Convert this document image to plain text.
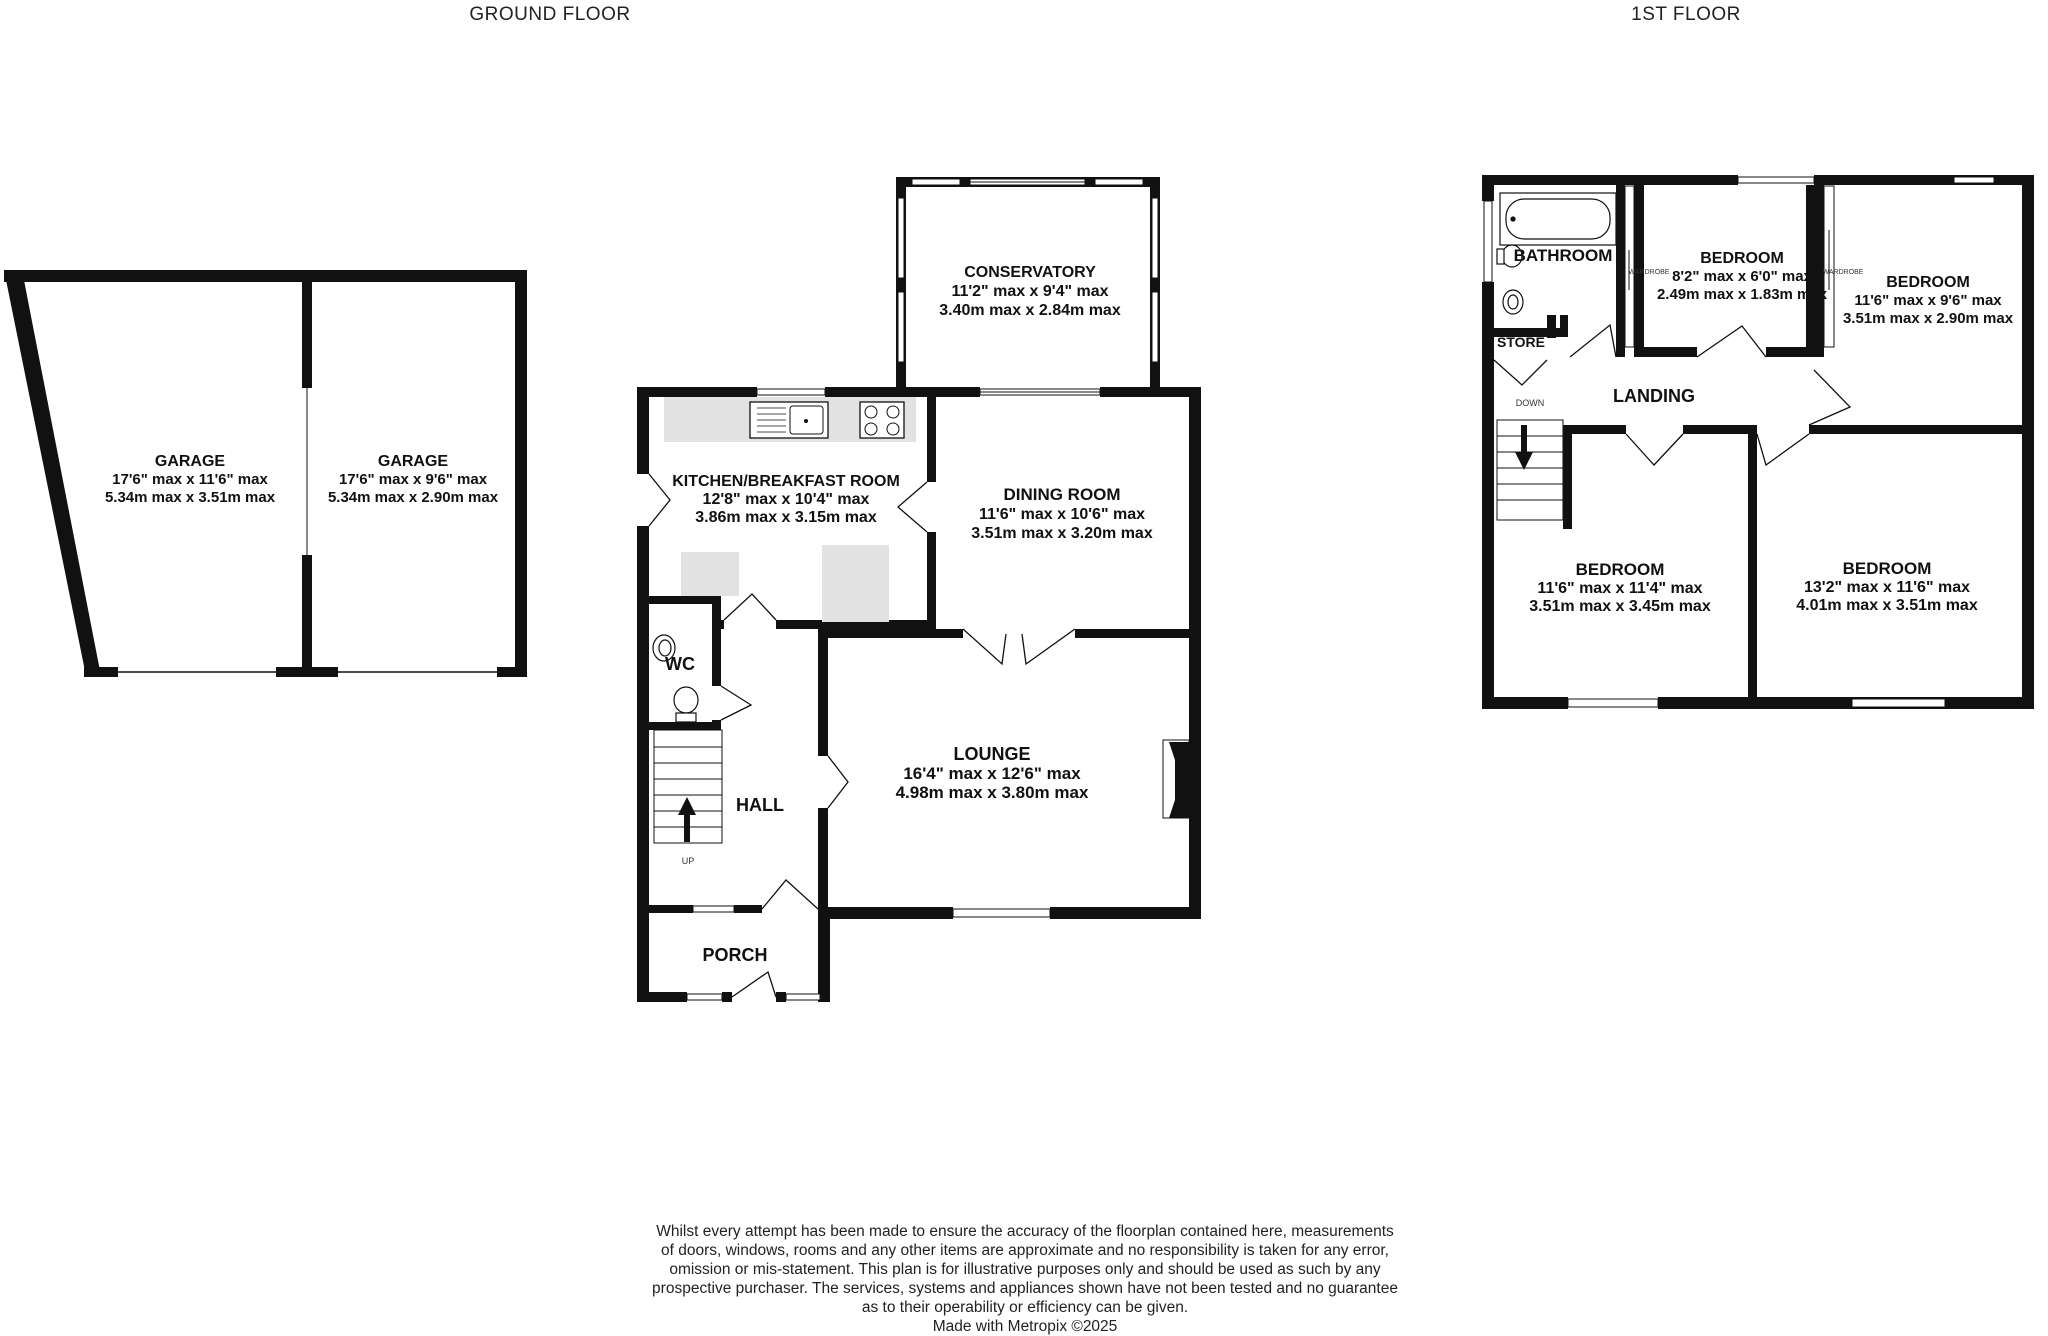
GROUND FLOOR	1ST FLOOR
GARAGE
17'6" max x 11'6" max
5.34m max x 3.51m max
GARAGE
17'6" max x 9'6" max
5.34m max x 2.90m max
CONSERVATORY
11'2" max x 9'4" max
3.40m max x 2.84m max
KITCHEN/BREAKFAST ROOM
12'8" max x 10'4" max
3.86m max x 3.15m max
DINING ROOM
11'6" max x 10'6" max
3.51m max x 3.20m max
WC
HALL
LOUNGE
16'4" max x 12'6" max
4.98m max x 3.80m max
PORCH
UP
BATHROOM
STORE
BEDROOM
8'2" max x 6'0" max
2.49m max x 1.83m max
BEDROOM
11'6" max x 9'6" max
3.51m max x 2.90m max
LANDING
DOWN
WARDROBE	WARDROBE
BEDROOM
11'6" max x 11'4" max
3.51m max x 3.45m max
BEDROOM
13'2" max x 11'6" max
4.01m max x 3.51m max

Whilst every attempt has been made to ensure the accuracy of the floorplan contained here, measurements

of doors, windows, rooms and any other items are approximate and no responsibility is taken for any error,

omission or mis-statement. This plan is for illustrative purposes only and should be used as such by any

prospective purchaser. The services, systems and appliances shown have not been tested and no guarantee

as to their operability or efficiency can be given.

Made with Metropix ©2025
